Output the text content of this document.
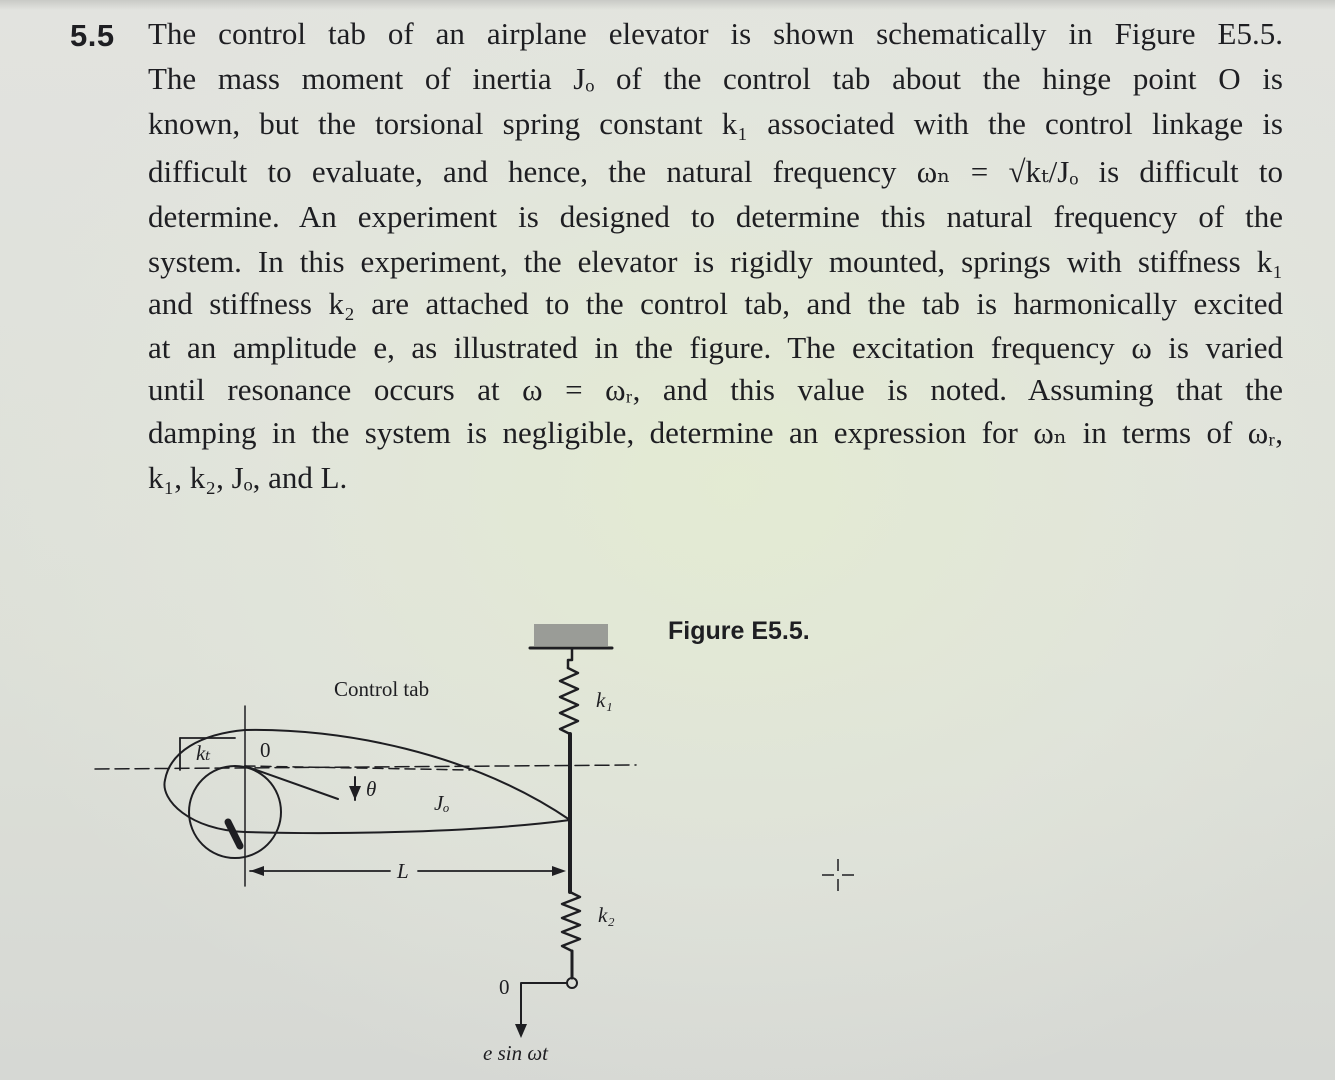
5.5 The control tab of an airplane elevator is shown schematically in Figure E5.5.
The mass moment of inertia Jₒ of the control tab about the hinge point O is
known, but the torsional spring constant k₁ associated with the control linkage is
difficult to evaluate, and hence, the natural frequency ωₙ = √kₜ/Jₒ is difficult to
determine. An experiment is designed to determine this natural frequency of the
system. In this experiment, the elevator is rigidly mounted, springs with stiffness k₁
and stiffness k₂ are attached to the control tab, and the tab is harmonically excited
at an amplitude e, as illustrated in the figure. The excitation frequency ω is varied
until resonance occurs at ω = ωᵣ, and this value is noted. Assuming that the
damping in the system is negligible, determine an expression for ωₙ in terms of ωᵣ,
k₁, k₂, Jₒ, and L.
Figure E5.5.
Control tab
kₜ 0
θ
Jₒ
L
k₁
k₂
0
e sin ωt
